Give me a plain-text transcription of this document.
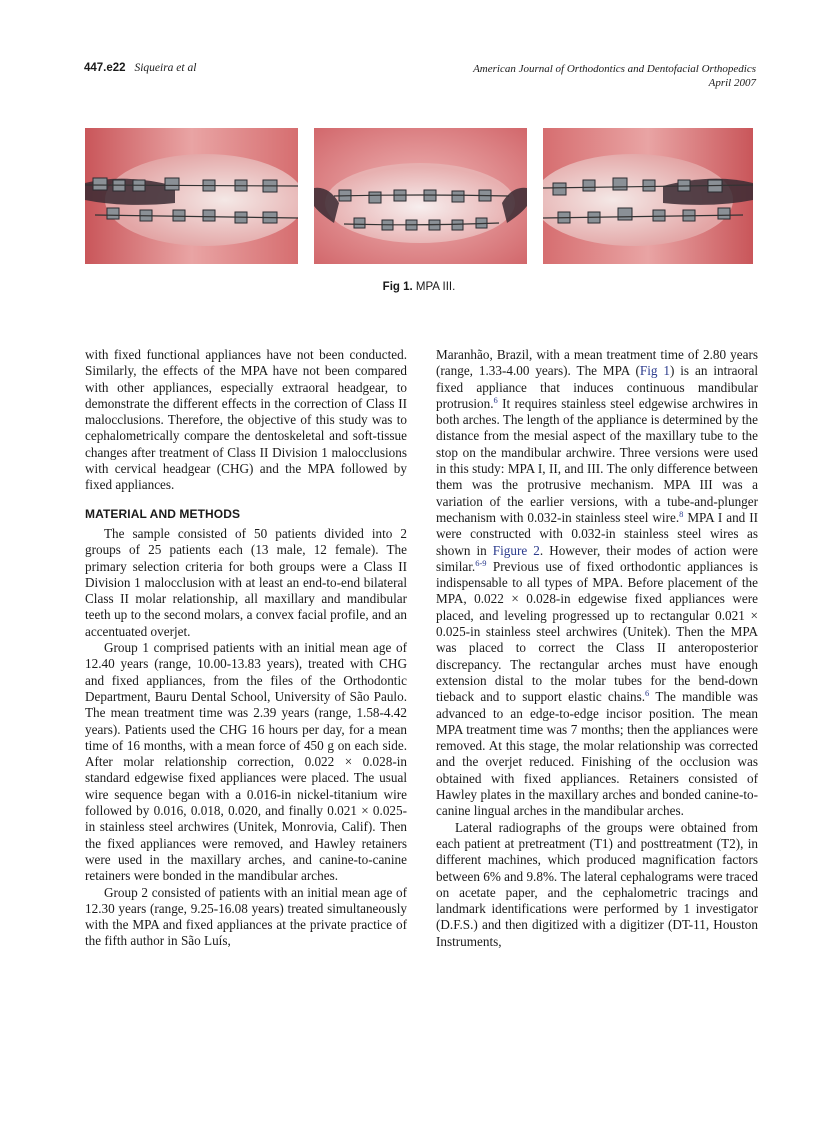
447.e22 Siqueira et al	American Journal of Orthodontics and Dentofacial Orthopedics
April 2007
Fig 1. MPA III.

with fixed functional appliances have not been conducted. Similarly, the effects of the MPA have not been compared with other appliances, especially extraoral headgear, to demonstrate the different effects in the correction of Class II malocclusions. Therefore, the objective of this study was to cephalometrically compare the dentoskeletal and soft-tissue changes after treatment of Class II Division 1 malocclusions with cervical headgear (CHG) and the MPA followed by fixed appliances.

MATERIAL AND METHODS

The sample consisted of 50 patients divided into 2 groups of 25 patients each (13 male, 12 female). The primary selection criteria for both groups were a Class II Division 1 malocclusion with at least an end-to-end bilateral Class II molar relationship, all maxillary and mandibular teeth up to the second molars, a convex facial profile, and an accentuated overjet.

Group 1 comprised patients with an initial mean age of 12.40 years (range, 10.00-13.83 years), treated with CHG and fixed appliances, from the files of the Orthodontic Department, Bauru Dental School, University of São Paulo. The mean treatment time was 2.39 years (range, 1.58-4.42 years). Patients used the CHG 16 hours per day, for a mean time of 16 months, with a mean force of 450 g on each side. After molar relationship correction, 0.022 × 0.028-in standard edgewise fixed appliances were placed. The usual wire sequence began with a 0.016-in nickel-titanium wire followed by 0.016, 0.018, 0.020, and finally 0.021 × 0.025-in stainless steel archwires (Unitek, Monrovia, Calif). Then the fixed appliances were removed, and Hawley retainers were used in the maxillary arches, and canine-to-canine retainers were bonded in the mandibular arches.

Group 2 consisted of patients with an initial mean age of 12.30 years (range, 9.25-16.08 years) treated simultaneously with the MPA and fixed appliances at the private practice of the fifth author in São Luís,

Maranhão, Brazil, with a mean treatment time of 2.80 years (range, 1.33-4.00 years). The MPA (Fig 1) is an intraoral fixed appliance that induces continuous mandibular protrusion.$^6$ It requires stainless steel edgewise archwires in both arches. The length of the appliance is determined by the distance from the mesial aspect of the maxillary tube to the stop on the mandibular archwire. Three versions were used in this study: MPA I, II, and III. The only difference between them was the protrusive mechanism. MPA III was a variation of the earlier versions, with a tube-and-plunger mechanism with 0.032-in stainless steel wire.$^8$ MPA I and II were constructed with 0.032-in stainless steel wires as shown in Figure 2. However, their modes of action were similar.$^{6-9}$ Previous use of fixed orthodontic appliances is indispensable to all types of MPA. Before placement of the MPA, 0.022 × 0.028-in edgewise fixed appliances were placed, and leveling progressed up to rectangular 0.021 × 0.025-in stainless steel archwires (Unitek). Then the MPA was placed to correct the Class II anteroposterior discrepancy. The rectangular arches must have enough extension distal to the molar tubes for the bend-down tieback and to support elastic chains.$^6$ The mandible was advanced to an edge-to-edge incisor position. The mean MPA treatment time was 7 months; then the appliances were removed. At this stage, the molar relationship was corrected and the overjet reduced. Finishing of the occlusion was obtained with fixed appliances. Retainers consisted of Hawley plates in the maxillary arches and bonded canine-to-canine lingual arches in the mandibular arches.

Lateral radiographs of the groups were obtained from each patient at pretreatment (T1) and posttreatment (T2), in different machines, which produced magnification factors between 6% and 9.8%. The lateral cephalograms were traced on acetate paper, and the cephalometric tracings and landmark identifications were performed by 1 investigator (D.F.S.) and then digitized with a digitizer (DT-11, Houston Instruments,
